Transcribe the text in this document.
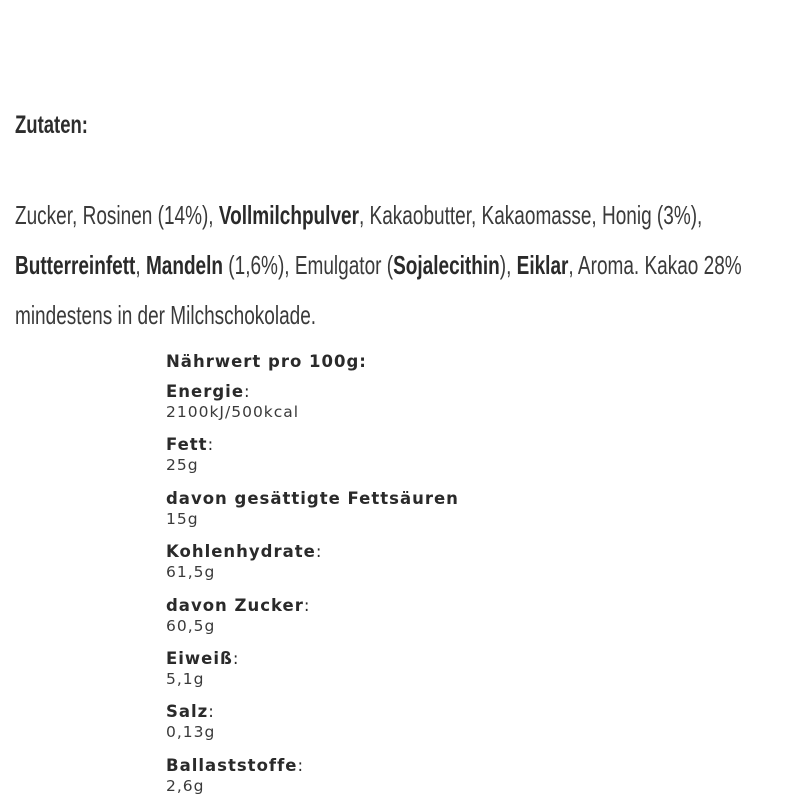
Zutaten:

Zucker, Rosinen (14%), Vollmilchpulver, Kakaobutter, Kakaomasse, Honig (3%), Butterreinfett, Mandeln (1,6%), Emulgator (Sojalecithin), Eiklar, Aroma. Kakao 28% mindestens in der Milchschokolade.

Nährwert pro 100g:
Energie:
2100kJ/500kcal
Fett:
25g
davon gesättigte Fettsäuren
15g
Kohlenhydrate:
61,5g
davon Zucker:
60,5g
Eiweiß:
5,1g
Salz:
0,13g
Ballaststoffe:
2,6g
